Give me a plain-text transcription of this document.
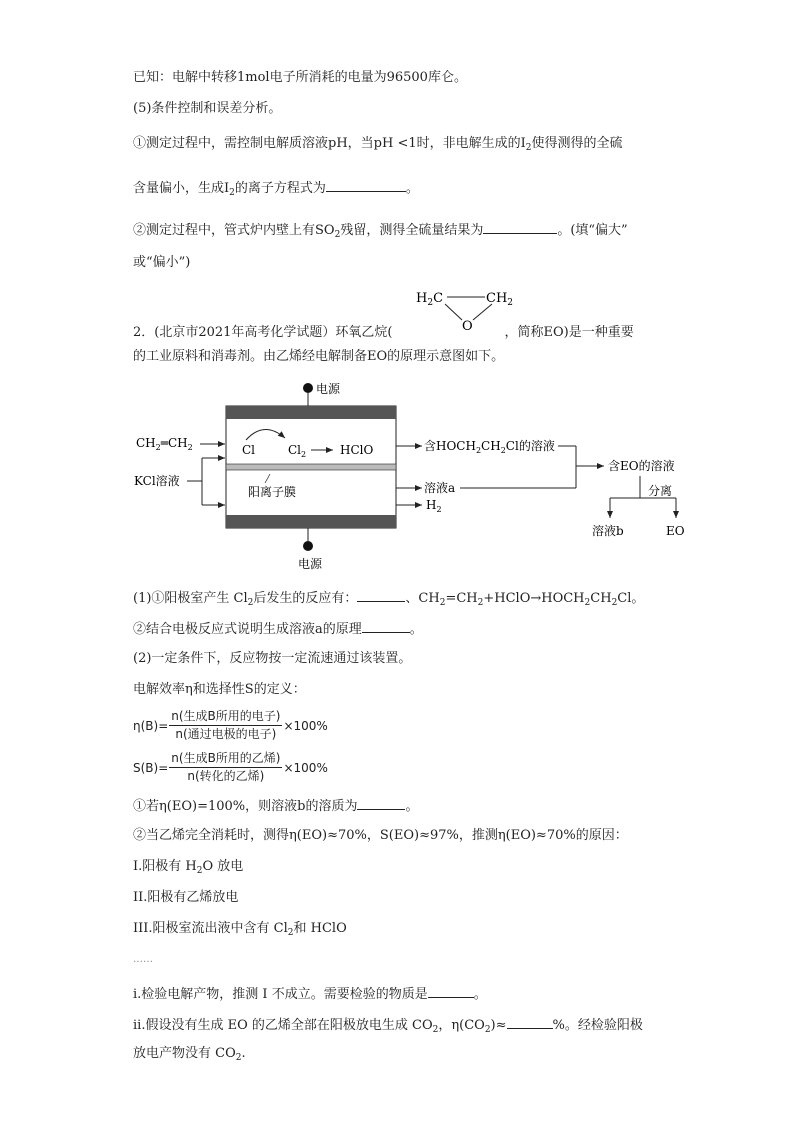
已知：电解中转移1mol电子所消耗的电量为96500库仑。
(5)条件控制和误差分析。
①测定过程中，需控制电解质溶液pH，当pH <1时，非电解生成的$I_2$使得测得的全硫
含量偏小，生成$I_2$的离子方程式为	。
②测定过程中，管式炉内壁上有$SO_2$残留，测得全硫量结果为	。(填“偏大”
或“偏小”)
$H_2C$	$CH_2$
O
2．(北京市2021年高考化学试题）环氧乙烷(	，简称EO)是一种重要
的工业原料和消毒剂。由乙烯经电解制备EO的原理示意图如下。
电源
电源
$CH_2═CH_2$
KCl溶液
Cl	$Cl_2$	HClO
阳离子膜
含$HOCH_2CH_2Cl$的溶液
溶液a
$H_2$
含EO的溶液
分离
溶液b	EO
(1)①阳极室产生 $Cl_2$后发生的反应有：	、$CH_2=CH_2+HClO\to HOCH_2CH_2Cl$。
②结合电极反应式说明生成溶液a的原理	。
(2)一定条件下，反应物按一定流速通过该装置。
电解效率η和选择性S的定义：
$\eta(B)= \frac{\text{n(生成B所用的电子)}}{\text{n(通过电极的电子)}} \times 100\%$
$S(B)= \frac{\text{n(生成B所用的乙烯)}}{\text{n(转化的乙烯)}} \times 100\%$
①若η(EO)=100%，则溶液b的溶质为	。
②当乙烯完全消耗时，测得η(EO)≈70%，S(EO)≈97%，推测η(EO)≈70%的原因：
I.阳极有 $H_2O$ 放电
II.阳极有乙烯放电
III.阳极室流出液中含有 $Cl_2$和 HClO
……
i.检验电解产物，推测 I 不成立。需要检验的物质是	。
ii.假设没有生成 EO 的乙烯全部在阳极放电生成 $CO_2$，$\eta(CO_2)\approx$	%。经检验阳极
放电产物没有 $CO_2$.
